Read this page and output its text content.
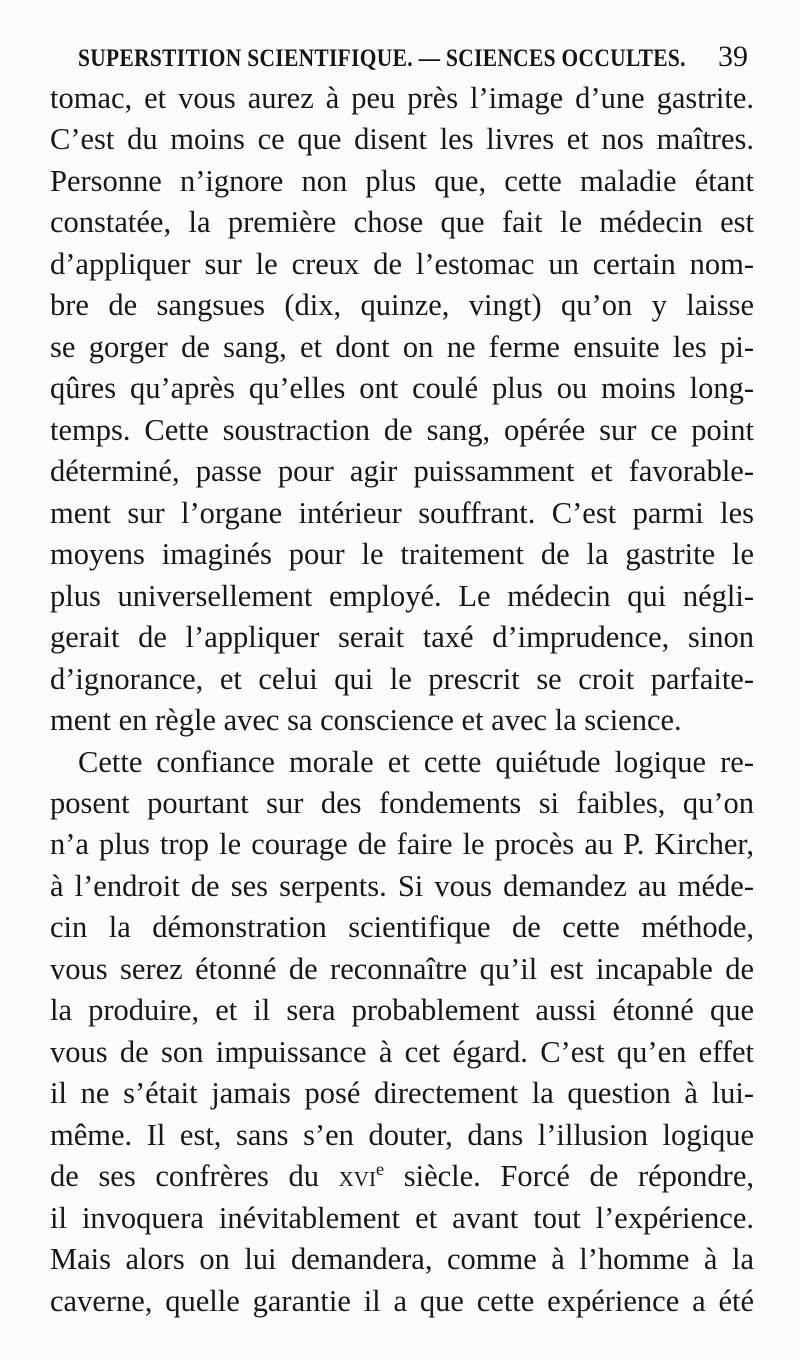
SUPERSTITION SCIENTIFIQUE. — SCIENCES OCCULTES. 39
tomac, et vous aurez à peu près l’image d’une gastrite.
C’est du moins ce que disent les livres et nos maîtres.
Personne n’ignore non plus que, cette maladie étant
constatée, la première chose que fait le médecin est
d’appliquer sur le creux de l’estomac un certain nom-
bre de sangsues (dix, quinze, vingt) qu’on y laisse
se gorger de sang, et dont on ne ferme ensuite les pi-
qûres qu’après qu’elles ont coulé plus ou moins long-
temps. Cette soustraction de sang, opérée sur ce point
déterminé, passe pour agir puissamment et favorable-
ment sur l’organe intérieur souffrant. C’est parmi les
moyens imaginés pour le traitement de la gastrite le
plus universellement employé. Le médecin qui négli-
gerait de l’appliquer serait taxé d’imprudence, sinon
d’ignorance, et celui qui le prescrit se croit parfaite-
ment en règle avec sa conscience et avec la science.
Cette confiance morale et cette quiétude logique re-
posent pourtant sur des fondements si faibles, qu’on
n’a plus trop le courage de faire le procès au P. Kircher,
à l’endroit de ses serpents. Si vous demandez au méde-
cin la démonstration scientifique de cette méthode,
vous serez étonné de reconnaître qu’il est incapable de
la produire, et il sera probablement aussi étonné que
vous de son impuissance à cet égard. C’est qu’en effet
il ne s’était jamais posé directement la question à lui-
même. Il est, sans s’en douter, dans l’illusion logique
de ses confrères du xvi$^e$ siècle. Forcé de répondre,
il invoquera inévitablement et avant tout l’expérience.
Mais alors on lui demandera, comme à l’homme à la
caverne, quelle garantie il a que cette expérience a été
